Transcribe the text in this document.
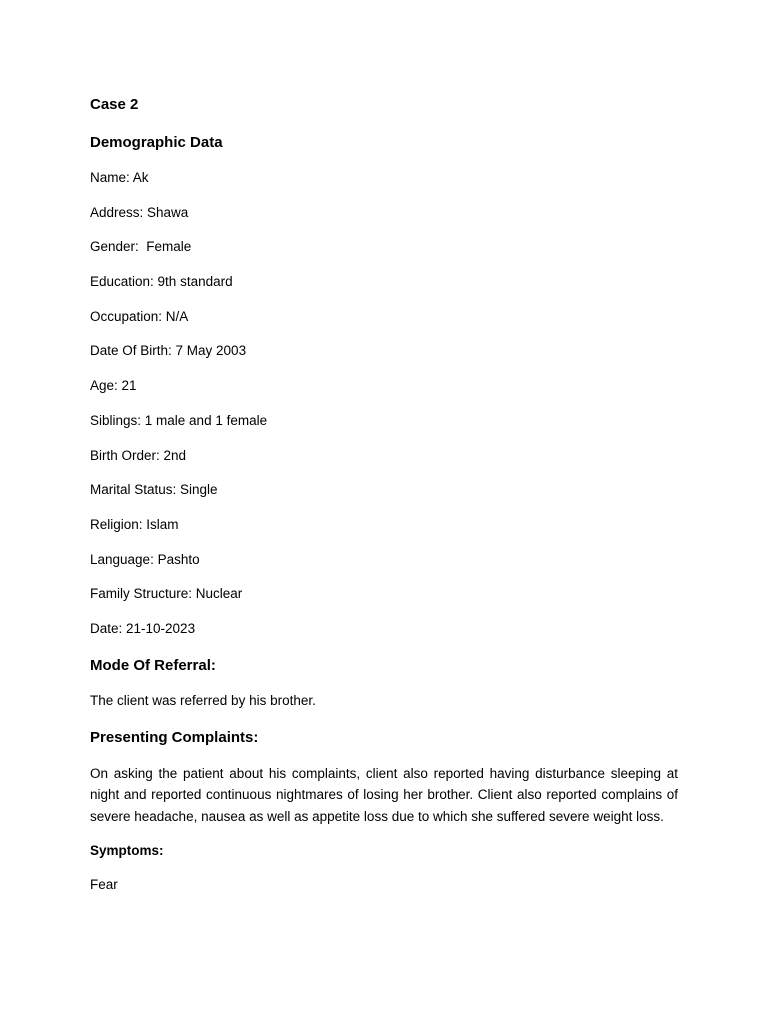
Case 2
Demographic Data
Name: Ak
Address: Shawa
Gender:  Female
Education: 9th standard
Occupation: N/A
Date Of Birth: 7 May 2003
Age: 21
Siblings: 1 male and 1 female
Birth Order: 2nd
Marital Status: Single
Religion: Islam
Language: Pashto
Family Structure: Nuclear
Date: 21-10-2023
Mode Of Referral:

The client was referred by his brother.

Presenting Complaints:

On asking the patient about his complaints, client also reported having disturbance sleeping at night and reported continuous nightmares of losing her brother. Client also reported complains of severe headache, nausea as well as appetite loss due to which she suffered severe weight loss.

Symptoms:

Fear
